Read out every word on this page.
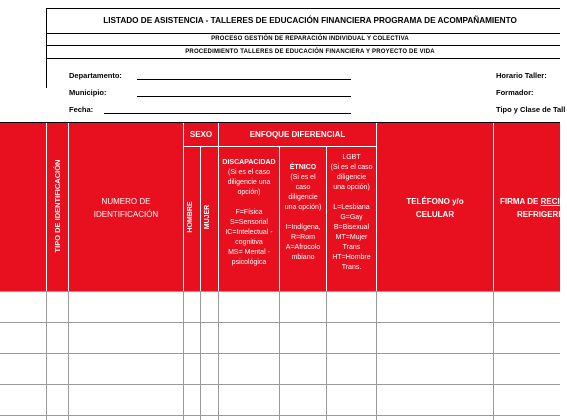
LISTADO DE ASISTENCIA - TALLERES DE EDUCACIÓN FINANCIERA PROGRAMA DE ACOMPAÑAMIENTO
PROCESO GESTIÓN DE REPARACIÓN INDIVIDUAL Y COLECTIVA
PROCEDIMIENTO TALLERES DE EDUCACIÓN FINANCIERA Y PROYECTO DE VIDA
Departamento:
Municipio:
Fecha:
Horario Taller:
Formador:
Tipo y Clase de Tall
TIPO DE IDENTIFICACIÓN	NUMERO DE
IDENTIFICACIÓN
SEXO
HOMBRE	MUJER
ENFOQUE DIFERENCIAL
DISCAPACIDAD
(Si es el caso
diligencie una
opción)
F=Física
S=Sensorial
IC=Intelectual -
cognitiva
MS= Mental -
psicológica
ÉTNICO
(Si es el
caso
diligencie
una opción)
I=Indígena,
R=Rom
A=Afrocolo
mbiano
LGBT
(Si es el caso
diligencie
una opción)
L=Lesbiana
G=Gay
B=Bisexual
MT=Mujer
Trans
HT=Hombre
Trans.
TELÉFONO y/o
CELULAR
FIRMA DE RECI
REFRIGERIO
